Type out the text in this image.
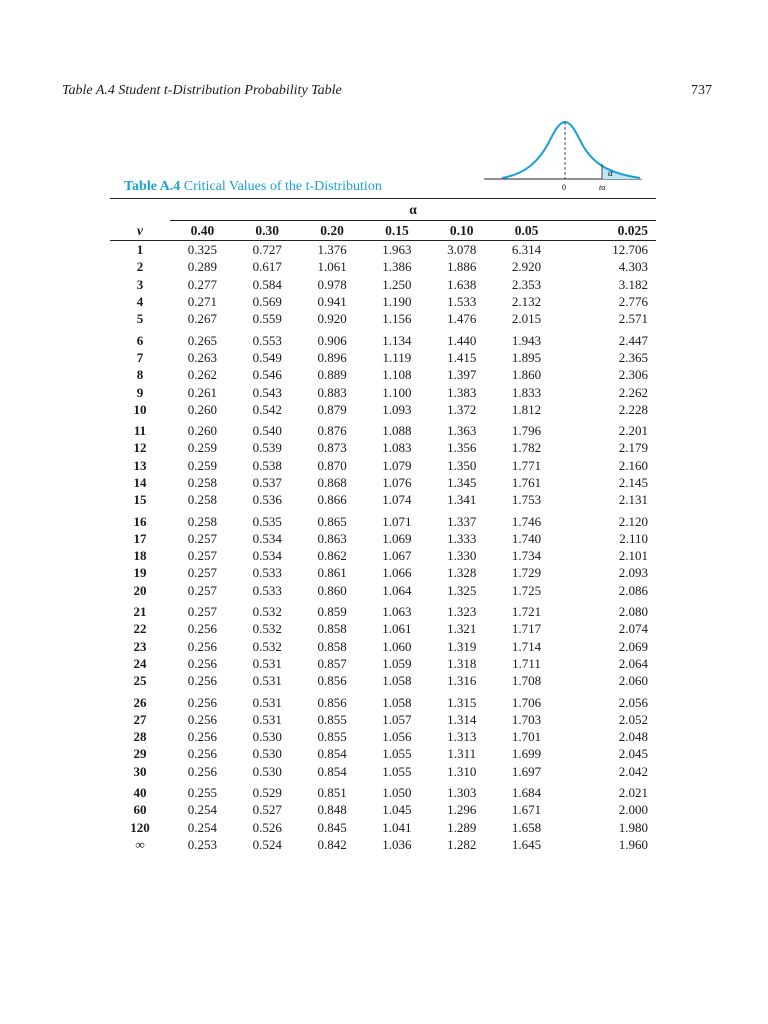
Table A.4 Student t-Distribution Probability Table	737
α
0	tα
Table A.4 Critical Values of the t-Distribution
	α						
v	0.40	0.30	0.20	0.15	0.10	0.05	0.025
1	0.325	0.727	1.376	1.963	3.078	6.314	12.706
2	0.289	0.617	1.061	1.386	1.886	2.920	4.303
3	0.277	0.584	0.978	1.250	1.638	2.353	3.182
4	0.271	0.569	0.941	1.190	1.533	2.132	2.776
5	0.267	0.559	0.920	1.156	1.476	2.015	2.571
6	0.265	0.553	0.906	1.134	1.440	1.943	2.447
7	0.263	0.549	0.896	1.119	1.415	1.895	2.365
8	0.262	0.546	0.889	1.108	1.397	1.860	2.306
9	0.261	0.543	0.883	1.100	1.383	1.833	2.262
10	0.260	0.542	0.879	1.093	1.372	1.812	2.228
11	0.260	0.540	0.876	1.088	1.363	1.796	2.201
12	0.259	0.539	0.873	1.083	1.356	1.782	2.179
13	0.259	0.538	0.870	1.079	1.350	1.771	2.160
14	0.258	0.537	0.868	1.076	1.345	1.761	2.145
15	0.258	0.536	0.866	1.074	1.341	1.753	2.131
16	0.258	0.535	0.865	1.071	1.337	1.746	2.120
17	0.257	0.534	0.863	1.069	1.333	1.740	2.110
18	0.257	0.534	0.862	1.067	1.330	1.734	2.101
19	0.257	0.533	0.861	1.066	1.328	1.729	2.093
20	0.257	0.533	0.860	1.064	1.325	1.725	2.086
21	0.257	0.532	0.859	1.063	1.323	1.721	2.080
22	0.256	0.532	0.858	1.061	1.321	1.717	2.074
23	0.256	0.532	0.858	1.060	1.319	1.714	2.069
24	0.256	0.531	0.857	1.059	1.318	1.711	2.064
25	0.256	0.531	0.856	1.058	1.316	1.708	2.060
26	0.256	0.531	0.856	1.058	1.315	1.706	2.056
27	0.256	0.531	0.855	1.057	1.314	1.703	2.052
28	0.256	0.530	0.855	1.056	1.313	1.701	2.048
29	0.256	0.530	0.854	1.055	1.311	1.699	2.045
30	0.256	0.530	0.854	1.055	1.310	1.697	2.042
40	0.255	0.529	0.851	1.050	1.303	1.684	2.021
60	0.254	0.527	0.848	1.045	1.296	1.671	2.000
120	0.254	0.526	0.845	1.041	1.289	1.658	1.980
∞	0.253	0.524	0.842	1.036	1.282	1.645	1.960
